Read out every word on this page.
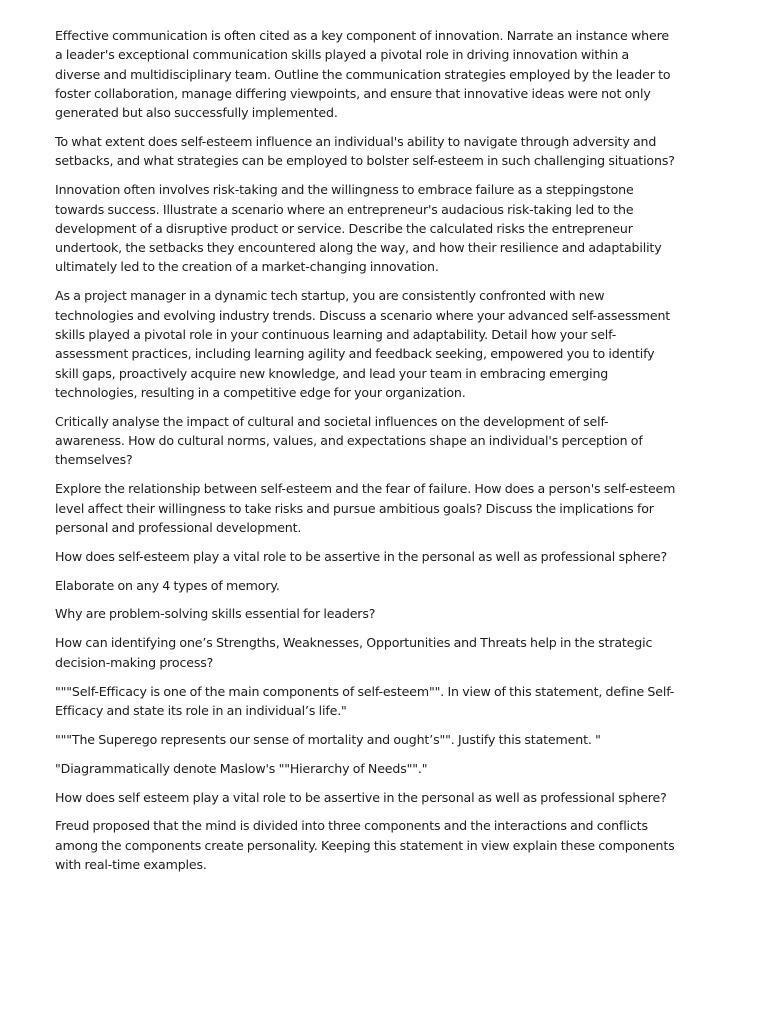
Effective communication is often cited as a key component of innovation. Narrate an instance where a leader's exceptional communication skills played a pivotal role in driving innovation within a diverse and multidisciplinary team. Outline the communication strategies employed by the leader to foster collaboration, manage differing viewpoints, and ensure that innovative ideas were not only generated but also successfully implemented.

To what extent does self-esteem influence an individual's ability to navigate through adversity and setbacks, and what strategies can be employed to bolster self-esteem in such challenging situations?

Innovation often involves risk-taking and the willingness to embrace failure as a steppingstone towards success. Illustrate a scenario where an entrepreneur's audacious risk-taking led to the development of a disruptive product or service. Describe the calculated risks the entrepreneur undertook, the setbacks they encountered along the way, and how their resilience and adaptability ultimately led to the creation of a market-changing innovation.

As a project manager in a dynamic tech startup, you are consistently confronted with new technologies and evolving industry trends. Discuss a scenario where your advanced self-assessment skills played a pivotal role in your continuous learning and adaptability. Detail how your self-assessment practices, including learning agility and feedback seeking, empowered you to identify skill gaps, proactively acquire new knowledge, and lead your team in embracing emerging technologies, resulting in a competitive edge for your organization.

Critically analyse the impact of cultural and societal influences on the development of self-awareness. How do cultural norms, values, and expectations shape an individual's perception of themselves?

Explore the relationship between self-esteem and the fear of failure. How does a person's self-esteem level affect their willingness to take risks and pursue ambitious goals? Discuss the implications for personal and professional development.

How does self-esteem play a vital role to be assertive in the personal as well as professional sphere?

Elaborate on any 4 types of memory.

Why are problem-solving skills essential for leaders?

How can identifying one’s Strengths, Weaknesses, Opportunities and Threats help in the strategic decision-making process?

"""Self-Efficacy is one of the main components of self-esteem"". In view of this statement, define Self- Efficacy and state its role in an individual’s life."

"""The Superego represents our sense of mortality and ought’s"". Justify this statement. "

"Diagrammatically denote Maslow's ""Hierarchy of Needs""."

How does self esteem play a vital role to be assertive in the personal as well as professional sphere?

Freud proposed that the mind is divided into three components and the interactions and conflicts among the components create personality. Keeping this statement in view explain these components with real-time examples.
